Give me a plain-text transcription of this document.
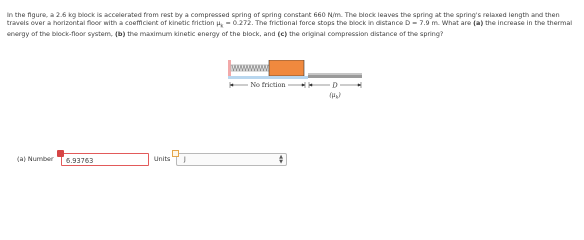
In the figure, a 2.6 kg block is accelerated from rest by a compressed spring of spring constant 660 N/m. The block leaves the spring at the spring's relaxed length and then travels over a horizontal floor with a coefficient of kinetic friction $\mu_k = 0.272$. The frictional force stops the block in distance D = 7.9 m. What are (a) the increase in the thermal energy of the block-floor system, (b) the maximum kinetic energy of the block, and (c) the original compression distance of the spring?

No friction	D
$(\mu_k)$
(a) Number
6.93763	Units J	▲
▼
